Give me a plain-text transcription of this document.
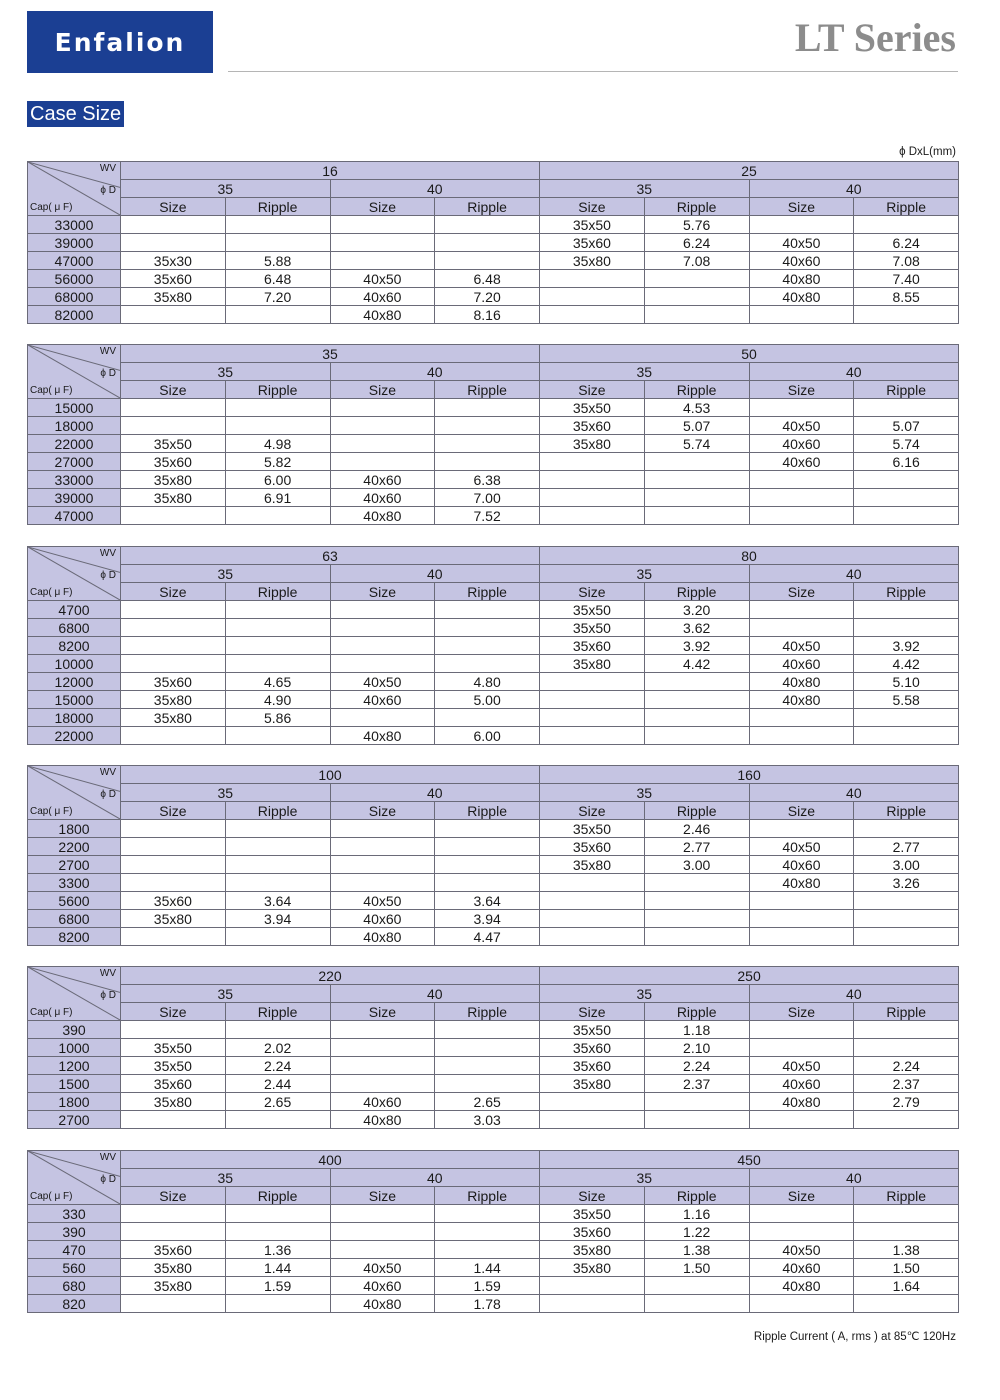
Enfalion	LT Series
Case Size
ϕ DxL(mm)
WV
ϕ D
Cap( μ F)	16				25			
	35		40		35		40	
	Size	Ripple	Size	Ripple	Size	Ripple	Size	Ripple
33000					35x50	5.76		
39000					35x60	6.24	40x50	6.24
47000	35x30	5.88			35x80	7.08	40x60	7.08
56000	35x60	6.48	40x50	6.48			40x80	7.40
68000	35x80	7.20	40x60	7.20			40x80	8.55
82000			40x80	8.16				
WV
ϕ D
Cap( μ F)	35				50			
	35		40		35		40	
	Size	Ripple	Size	Ripple	Size	Ripple	Size	Ripple
15000					35x50	4.53		
18000					35x60	5.07	40x50	5.07
22000	35x50	4.98			35x80	5.74	40x60	5.74
27000	35x60	5.82					40x60	6.16
33000	35x80	6.00	40x60	6.38				
39000	35x80	6.91	40x60	7.00				
47000			40x80	7.52				
WV
ϕ D
Cap( μ F)	63				80			
	35		40		35		40	
	Size	Ripple	Size	Ripple	Size	Ripple	Size	Ripple
4700					35x50	3.20		
6800					35x50	3.62		
8200					35x60	3.92	40x50	3.92
10000					35x80	4.42	40x60	4.42
12000	35x60	4.65	40x50	4.80			40x80	5.10
15000	35x80	4.90	40x60	5.00			40x80	5.58
18000	35x80	5.86						
22000			40x80	6.00				
WV
ϕ D
Cap( μ F)	100				160			
	35		40		35		40	
	Size	Ripple	Size	Ripple	Size	Ripple	Size	Ripple
1800					35x50	2.46		
2200					35x60	2.77	40x50	2.77
2700					35x80	3.00	40x60	3.00
3300							40x80	3.26
5600	35x60	3.64	40x50	3.64				
6800	35x80	3.94	40x60	3.94				
8200			40x80	4.47				
WV
ϕ D
Cap( μ F)	220				250			
	35		40		35		40	
	Size	Ripple	Size	Ripple	Size	Ripple	Size	Ripple
390					35x50	1.18		
1000	35x50	2.02			35x60	2.10		
1200	35x50	2.24			35x60	2.24	40x50	2.24
1500	35x60	2.44			35x80	2.37	40x60	2.37
1800	35x80	2.65	40x60	2.65			40x80	2.79
2700			40x80	3.03				
WV
ϕ D
Cap( μ F)	400				450			
	35		40		35		40	
	Size	Ripple	Size	Ripple	Size	Ripple	Size	Ripple
330					35x50	1.16		
390					35x60	1.22		
470	35x60	1.36			35x80	1.38	40x50	1.38
560	35x80	1.44	40x50	1.44	35x80	1.50	40x60	1.50
680	35x80	1.59	40x60	1.59			40x80	1.64
820			40x80	1.78				
Ripple Current ( A, rms ) at 85℃ 120Hz
